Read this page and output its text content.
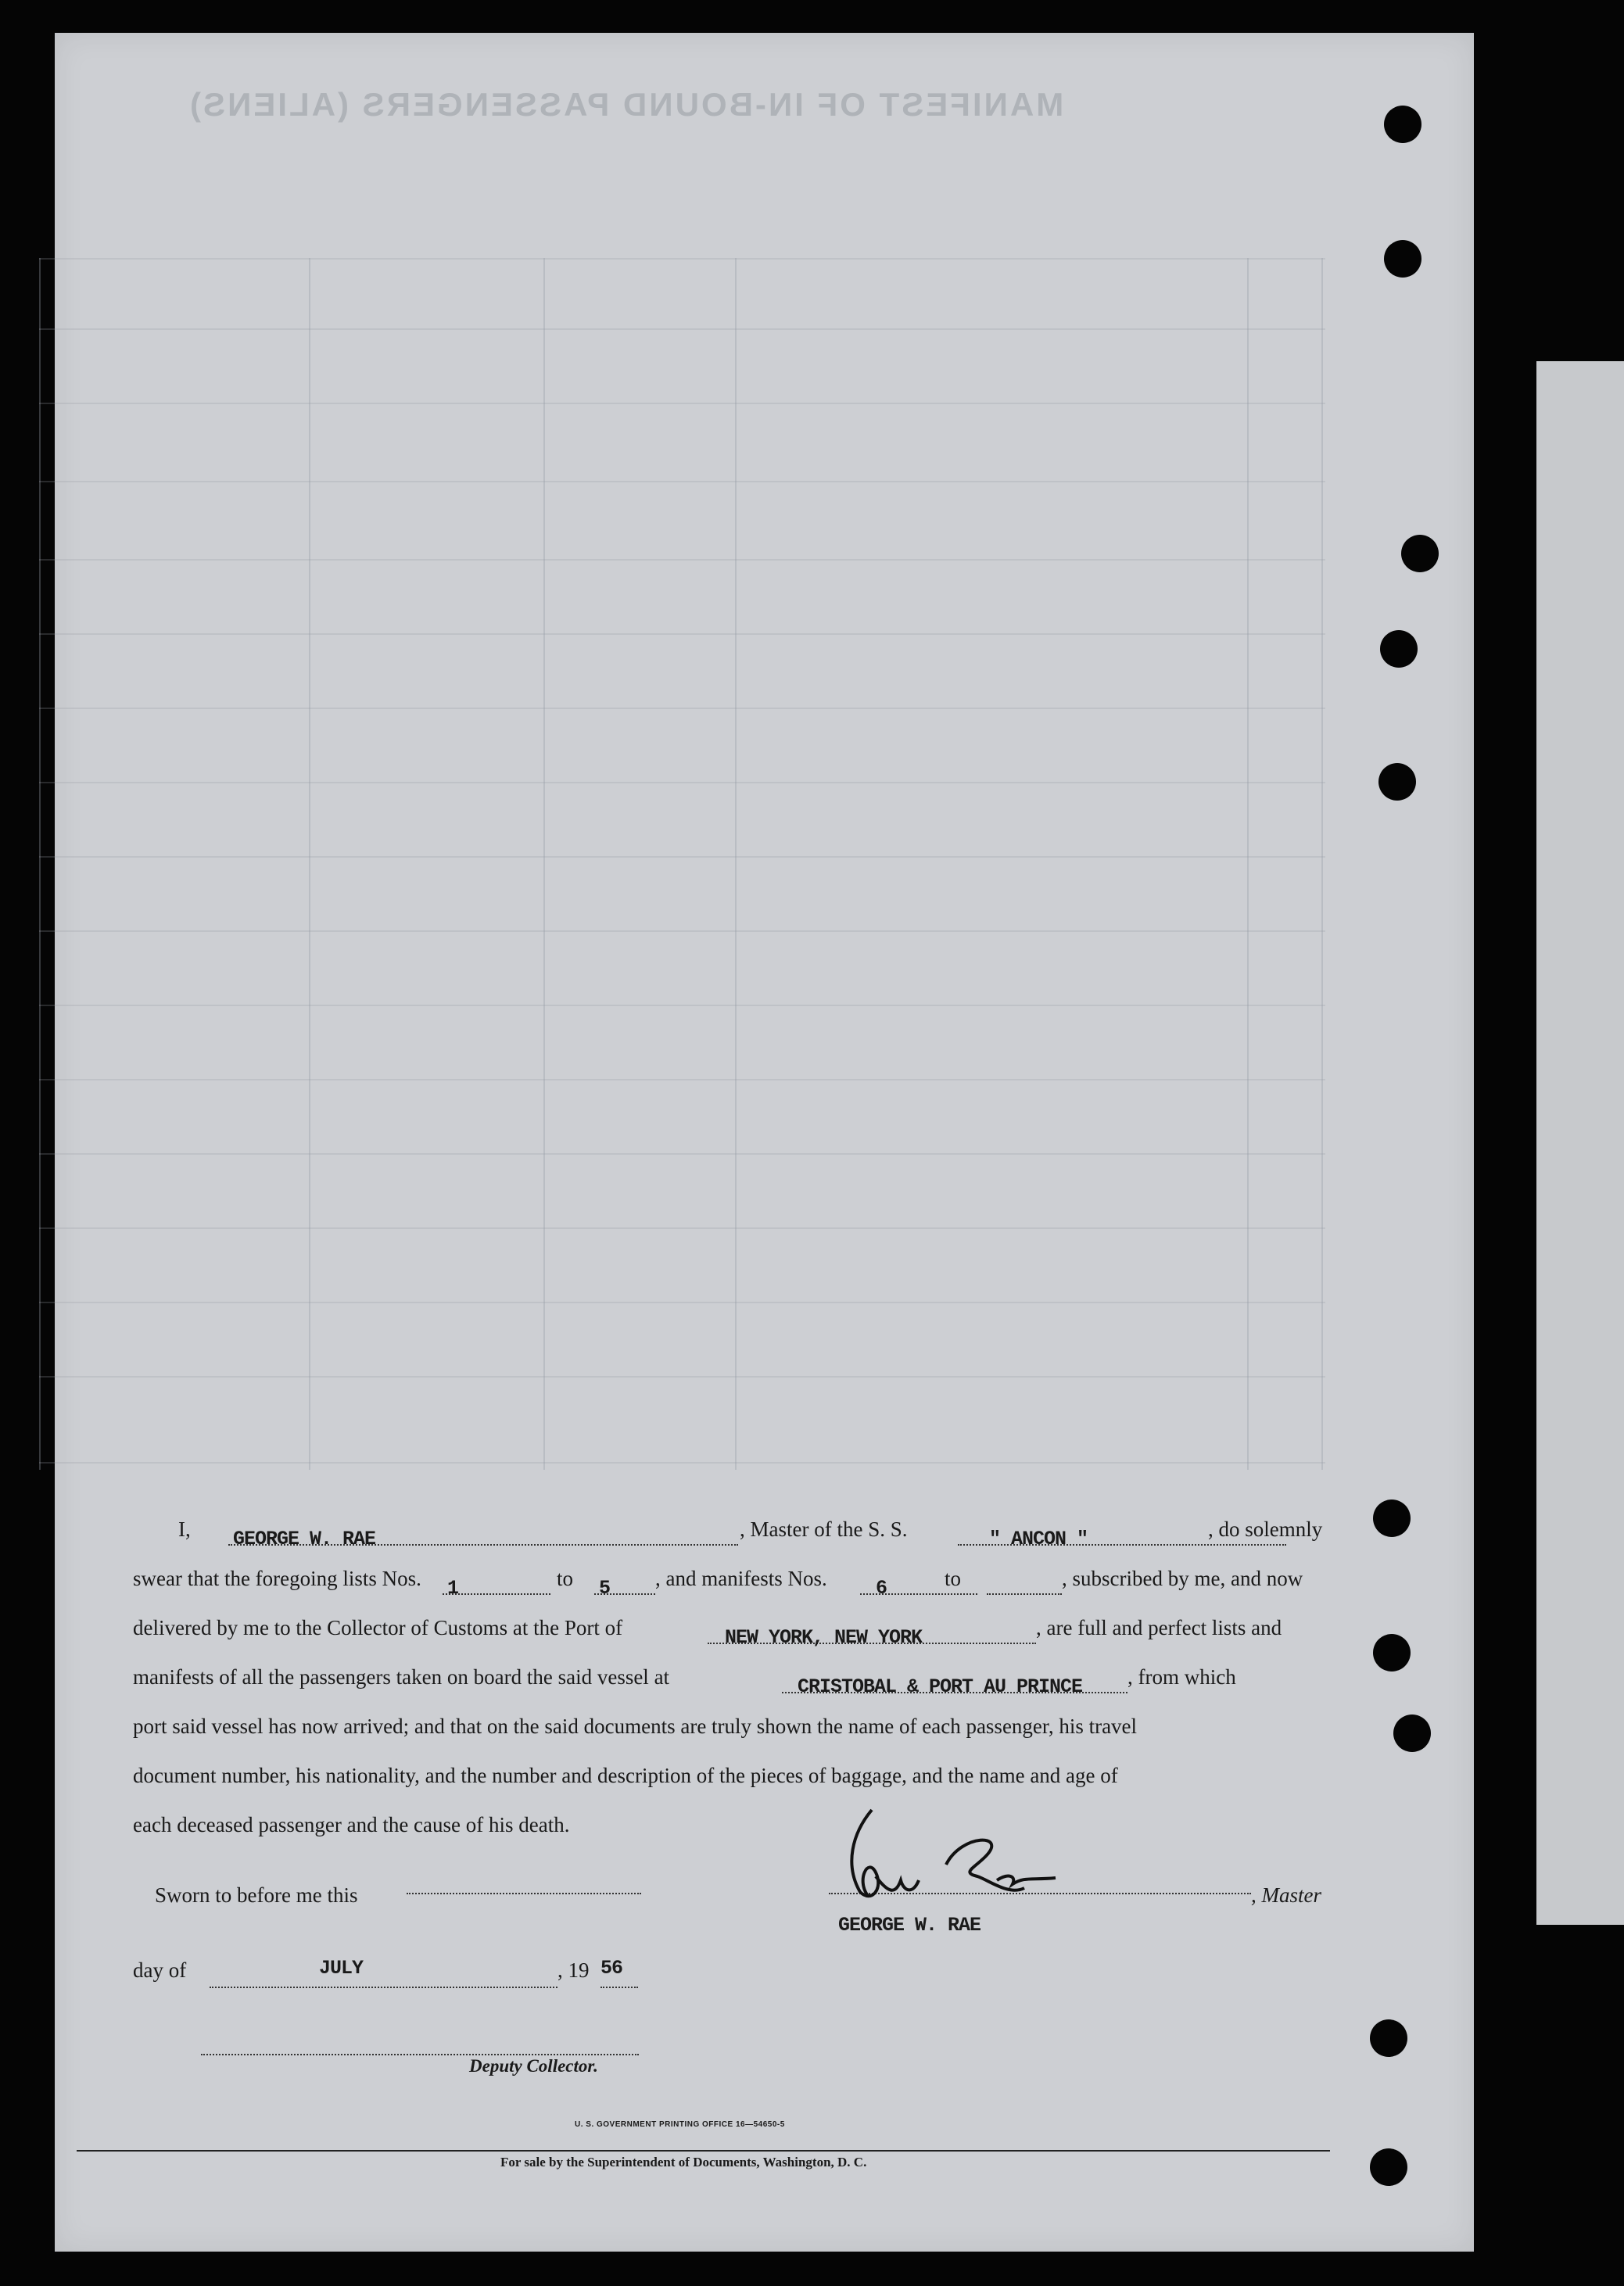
MANIFEST OF IN-BOUND PASSENGERS (ALIENS)
I, GEORGE W. RAE	, Master of the S. S.	" ANCON "	, do solemnly
swear that the foregoing lists Nos. 1	to 5	, and manifests Nos.	6	to	, subscribed by me, and now
delivered by me to the Collector of Customs at the Port of	NEW YORK, NEW YORK	, are full and perfect lists and
manifests of all the passengers taken on board the said vessel at	CRISTOBAL & PORT AU PRINCE	, from which
port said vessel has now arrived; and that on the said documents are truly shown the name of each passenger, his travel
document number, his nationality, and the number and description of the pieces of baggage, and the name and age of
each deceased passenger and the cause of his death.
Sworn to before me this	, Master
GEORGE W. RAE
day of	JULY	, 19 56
Deputy Collector.
U. S. GOVERNMENT PRINTING OFFICE 16—54650-5
For sale by the Superintendent of Documents, Washington, D. C.
